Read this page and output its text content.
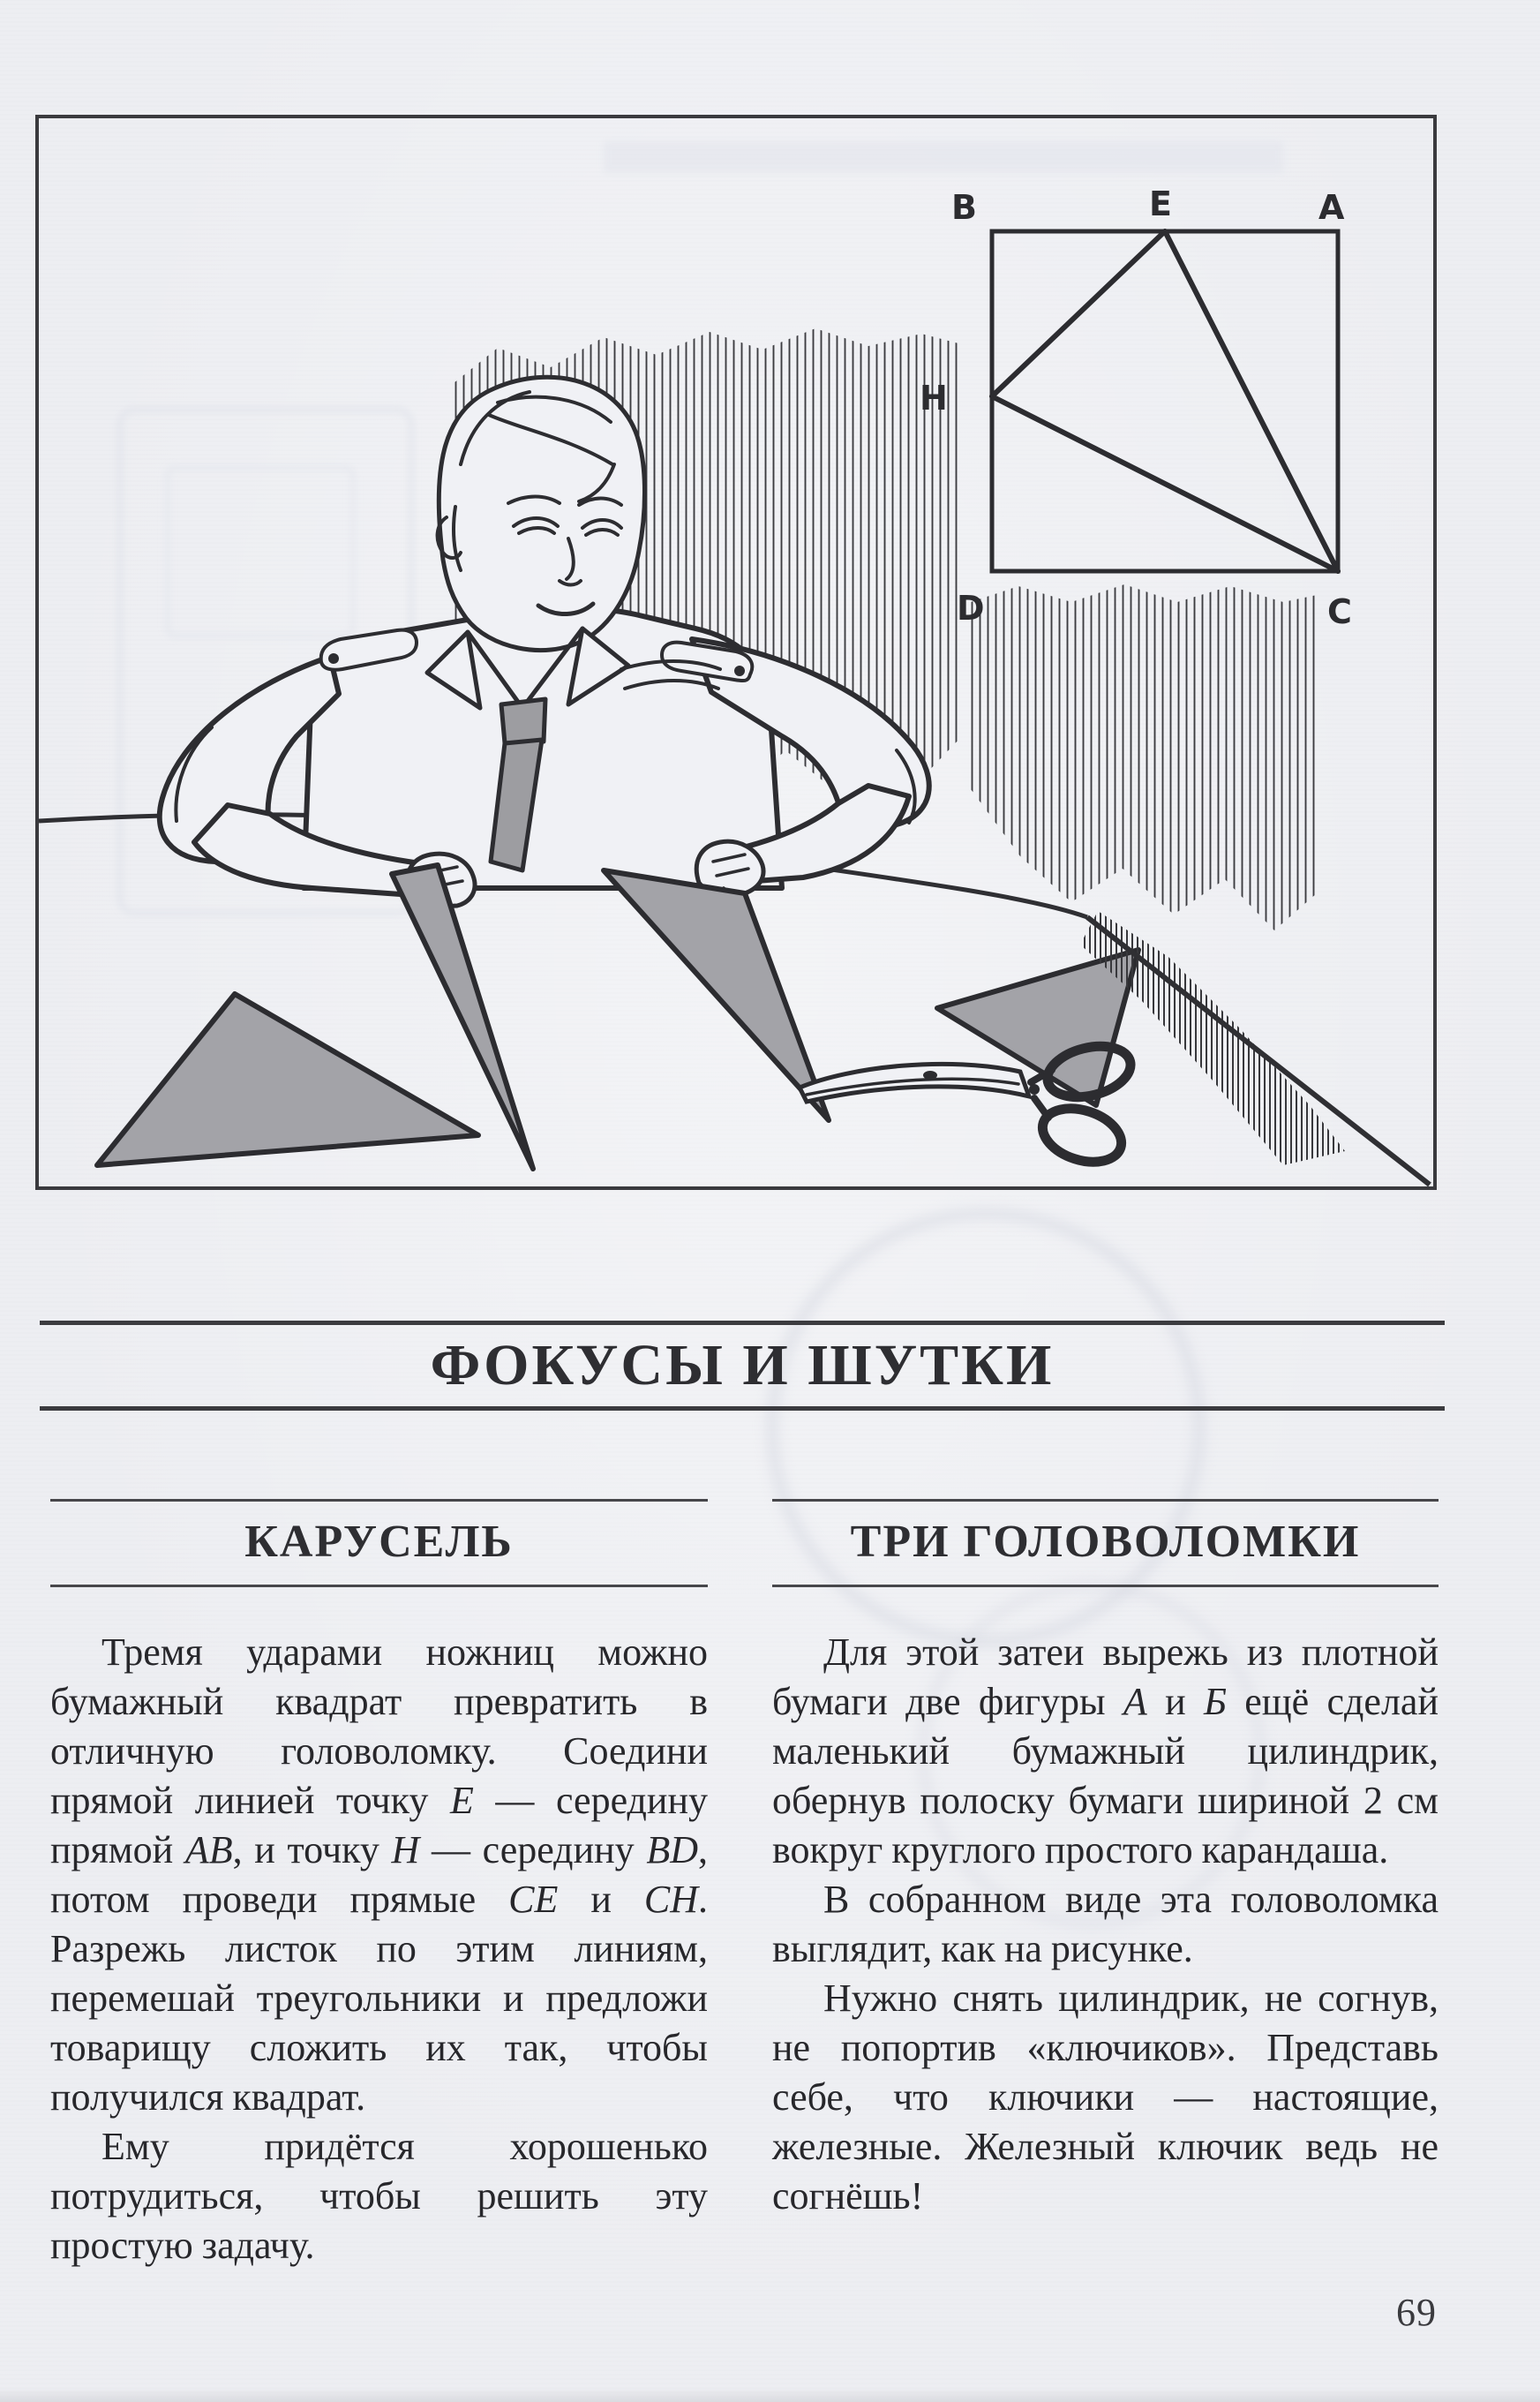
B	E	A
H
D	C
ФОКУСЫ И ШУТКИ
КАРУСЕЛЬ

Тремя ударами ножниц можно бумажный квадрат превратить в отличную головоломку. Соедини прямой линией точку Е — середину прямой АВ, и точку Н — середину BD, потом проведи прямые СЕ и СН. Разрежь листок по этим линиям, перемешай треугольники и предложи товарищу сложить их так, чтобы получился квадрат.

Ему придётся хорошенько потрудиться, чтобы решить эту простую задачу.

ТРИ ГОЛОВОЛОМКИ

Для этой затеи вырежь из плотной бумаги две фигуры А и Б ещё сделай маленький бумажный цилиндрик, обернув полоску бумаги шириной 2 см вокруг круглого простого карандаша.

В собранном виде эта головоломка выглядит, как на рисунке.

Нужно снять цилиндрик, не согнув, не попортив «ключиков». Представь себе, что ключики — настоящие, железные. Железный ключик ведь не согнёшь!

69
